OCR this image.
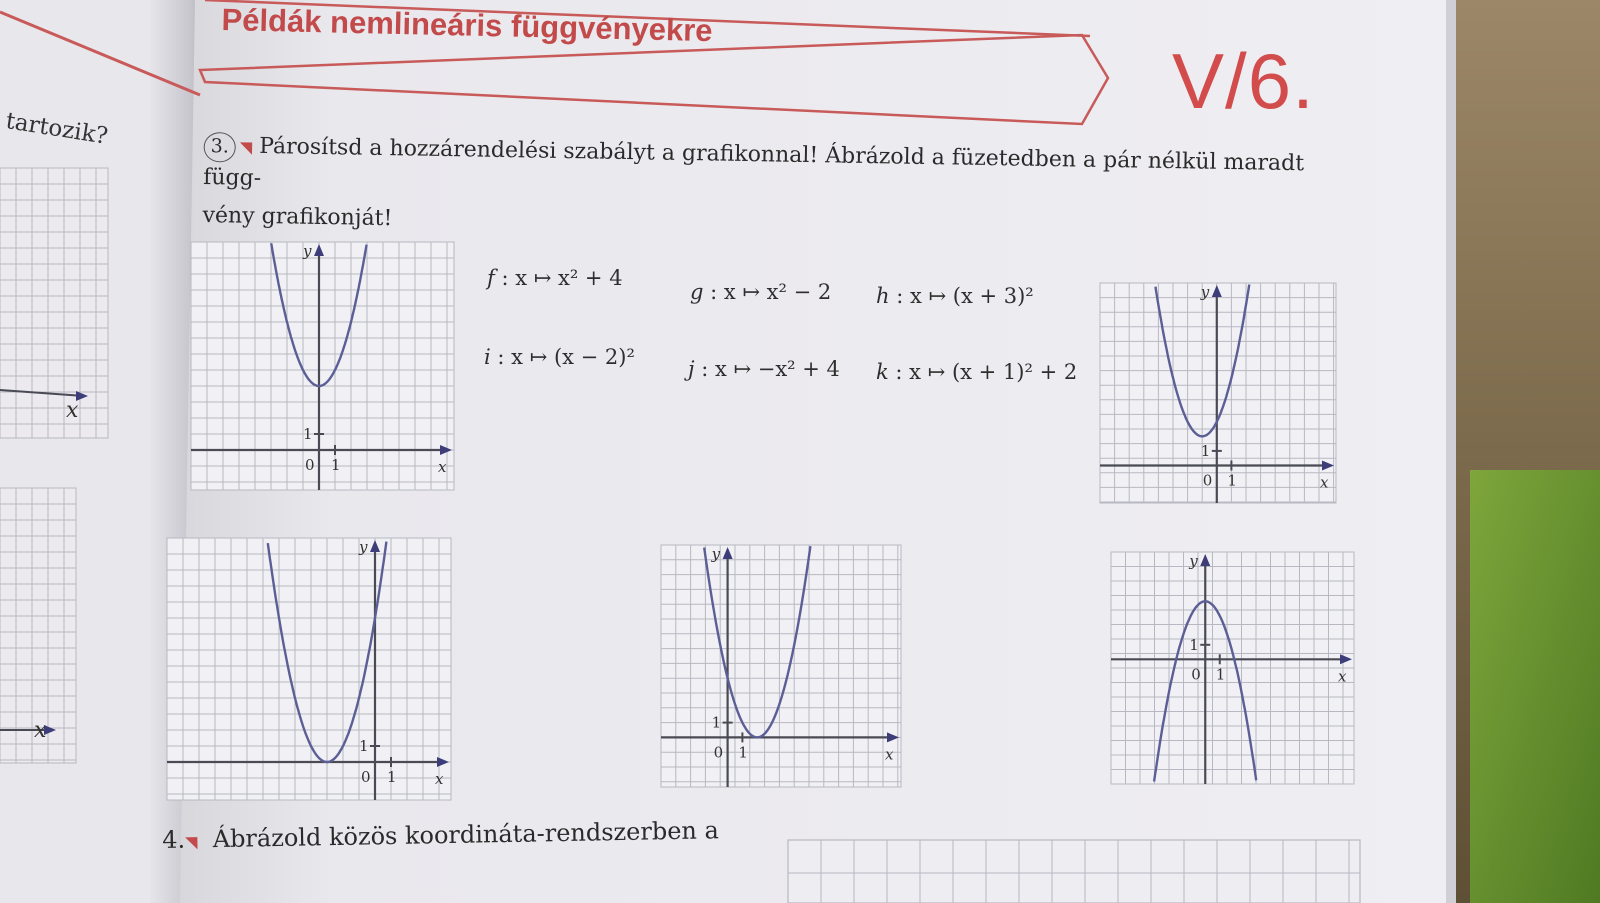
y
x
1
1
0
y
x
1
1
0
y
x
1
1
0
y
x
1
1
0
y
x
1
1
0
Példák nemlineáris függvényekre
V/6.
tartozik?
x
x
3. ◥ Párosítsd a hozzárendelési szabályt a grafikonnal! Ábrázold a füzetedben a pár nélkül maradt függ-
vény grafikonját!
f : x ↦ x² + 4
g : x ↦ x² − 2 h : x ↦ (x + 3)²
i : x ↦ (x − 2)²	j : x ↦ −x² + 4 k : x ↦ (x + 1)² + 2
4.◥ Ábrázold közös koordináta-rendszerben a
